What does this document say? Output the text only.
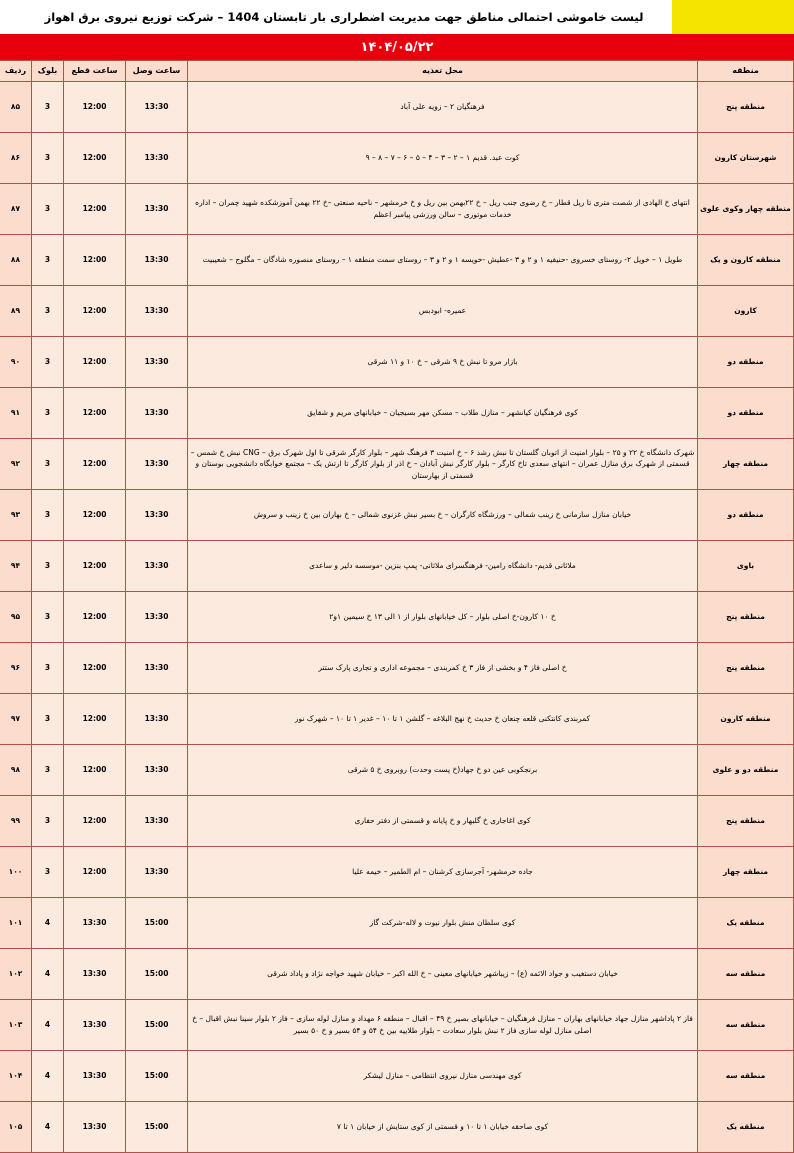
لیست خاموشی احتمالی مناطق جهت مدیریت اضطراری بار تابستان 1404 – شرکت توزیع نیروی برق اهواز
۱۴۰۴/۰۵/۲۲
منطقه	محل تغذیه	ساعت وصل	ساعت قطع	بلوک	ردیف
منطقه پنج	فرهنگیان ۲ – زویه علی آباد	13:30	12:00	3	۸۵
شهرستان کارون	کوت عبد. قدیم ۱ – ۲ – ۳ – ۴ – ۵ – ۶ – ۷ – ۸ – ۹	13:30	12:00	3	۸۶
منطقه چهار وکوی علوی	انتهای خ الهادی از شصت متری تا ریل قطار – خ رضوی جنب ریل – خ ۲۲بهمن بین ریل و خ خرمشهر – ناحیه صنعتی –خ ۲۲ بهمن آموزشکده شهید چمران – اداره خدمات موتوری – سالن ورزشی پیامبر اعظم	13:30	12:00	3	۸۷
منطقه کارون و یک	طویل ۱ – خویل ۲- روستای خسروی -حنیفیه ۱ و ۲ و ۳ -عطیش -خویسه ۱ و ۲ و ۳ – روستای سمت منطقه ۱ – روستای منصوره شادگان – مگلوج – شعیبیت	13:30	12:00	3	۸۸
کارون	عمیره- ابودبس	13:30	12:00	3	۸۹
منطقه دو	بازار مرو تا نبش خ ۹ شرقی – خ ۱۰ و ۱۱ شرقی	13:30	12:00	3	۹۰
منطقه دو	کوی فرهنگیان کیانشهر – منازل طلاب – مسکن مهر بسیجیان – خیابانهای مریم و شقایق	13:30	12:00	3	۹۱
منطقه چهار	شهرک دانشگاه خ ۲۲ و ۲۵ – بلوار امنیت از اتوبان گلستان تا نبش رشد ۶ – خ امنیت ۳ فرهنگ شهر – بلوار کارگر شرقی تا اول شهرک برق – CNG نبش خ شمس – قسمتی از شهرک برق منازل عمران – انتهای سعدی تاخ کارگر – بلوار کارگر نبش آبادان – خ اذر از بلوار کارگر تا ارتش یک – مجتمع خوابگاه دانشجویی بوستان و قسمتی از بهارستان	13:30	12:00	3	۹۲
منطقه دو	خیابان منازل سازمانی خ زینب شمالی – ورزشگاه کارگران – خ بسیر نبش غزنوی شمالی – خ بهاران بین خ زینب و سروش	13:30	12:00	3	۹۳
باوی	ملاثانی قدیم- دانشگاه رامین- فرهنگسرای ملاثانی- پمپ بنزین -موسسه دلیر و ساعدی	13:30	12:00	3	۹۴
منطقه پنج	خ ۱۰ کارون-خ اصلی بلوار – کل خیابانهای بلوار از ۱ الی ۱۳ خ سیمین ۱و۲	13:30	12:00	3	۹۵
منطقه پنج	خ اصلی فاز ۴ و بخشی از فاز ۳ خ کمربندی – مجموعه اداری و تجاری پارک ستتر	13:30	12:00	3	۹۶
منطقه کارون	کمربندی کانتکنی قلعه چنعان خ حدیث خ نهج البلاغه – گلشن ۱ تا ۱۰ – غدیر ۱ تا ۱۰ – شهرک نور	13:30	12:00	3	۹۷
منطقه دو و علوی	برنجکوبی عین دو خ جهاد(خ پست وحدت) روبروی خ ۵ شرقی	13:30	12:00	3	۹۸
منطقه پنج	کوی اغاجاری خ گلبهار و خ پایانه و قسمتی از دفتر حفاری	13:30	12:00	3	۹۹
منطقه چهار	جاده خرمشهر- آجرسازی کرشنان – ام الطمیر – خیمه علیا	13:30	12:00	3	۱۰۰
منطقه یک	کوی سلطان منش بلوار نیوت و لاله-شرکت گاز	15:00	13:30	4	۱۰۱
منطقه سه	خیابان دستغیب و جواد الائمه (ع) – زیباشهر خیابانهای معینی – خ الله اکبر – خیابان شهید خواجه نژاد و پاداد شرقی	15:00	13:30	4	۱۰۲
منطقه سه	فاز ۲ پاداشهر منازل جهاد خیابانهای بهاران – منازل فرهنگیان – خیابانهای بصیر خ ۴۹ – اقبال – منطقه ۶ مهداد و منازل لوله سازی – فاز ۲ بلوار سینا نبش اقبال – خ اصلی منازل لوله سازی فاز ۲ نبش بلوار سعادت – بلوار طلاییه بین خ ۵۴ و ۵۴ بسیر و خ ۵۰ بسیر	15:00	13:30	4	۱۰۳
منطقه سه	کوی مهندسی منازل نیروی انتظامی – منازل لیشکر	15:00	13:30	4	۱۰۴
منطقه یک	کوی صاحقه خیابان ۱ تا ۱۰ و قسمتی از کوی ستایش از خیابان ۱ تا ۷	15:00	13:30	4	۱۰۵
